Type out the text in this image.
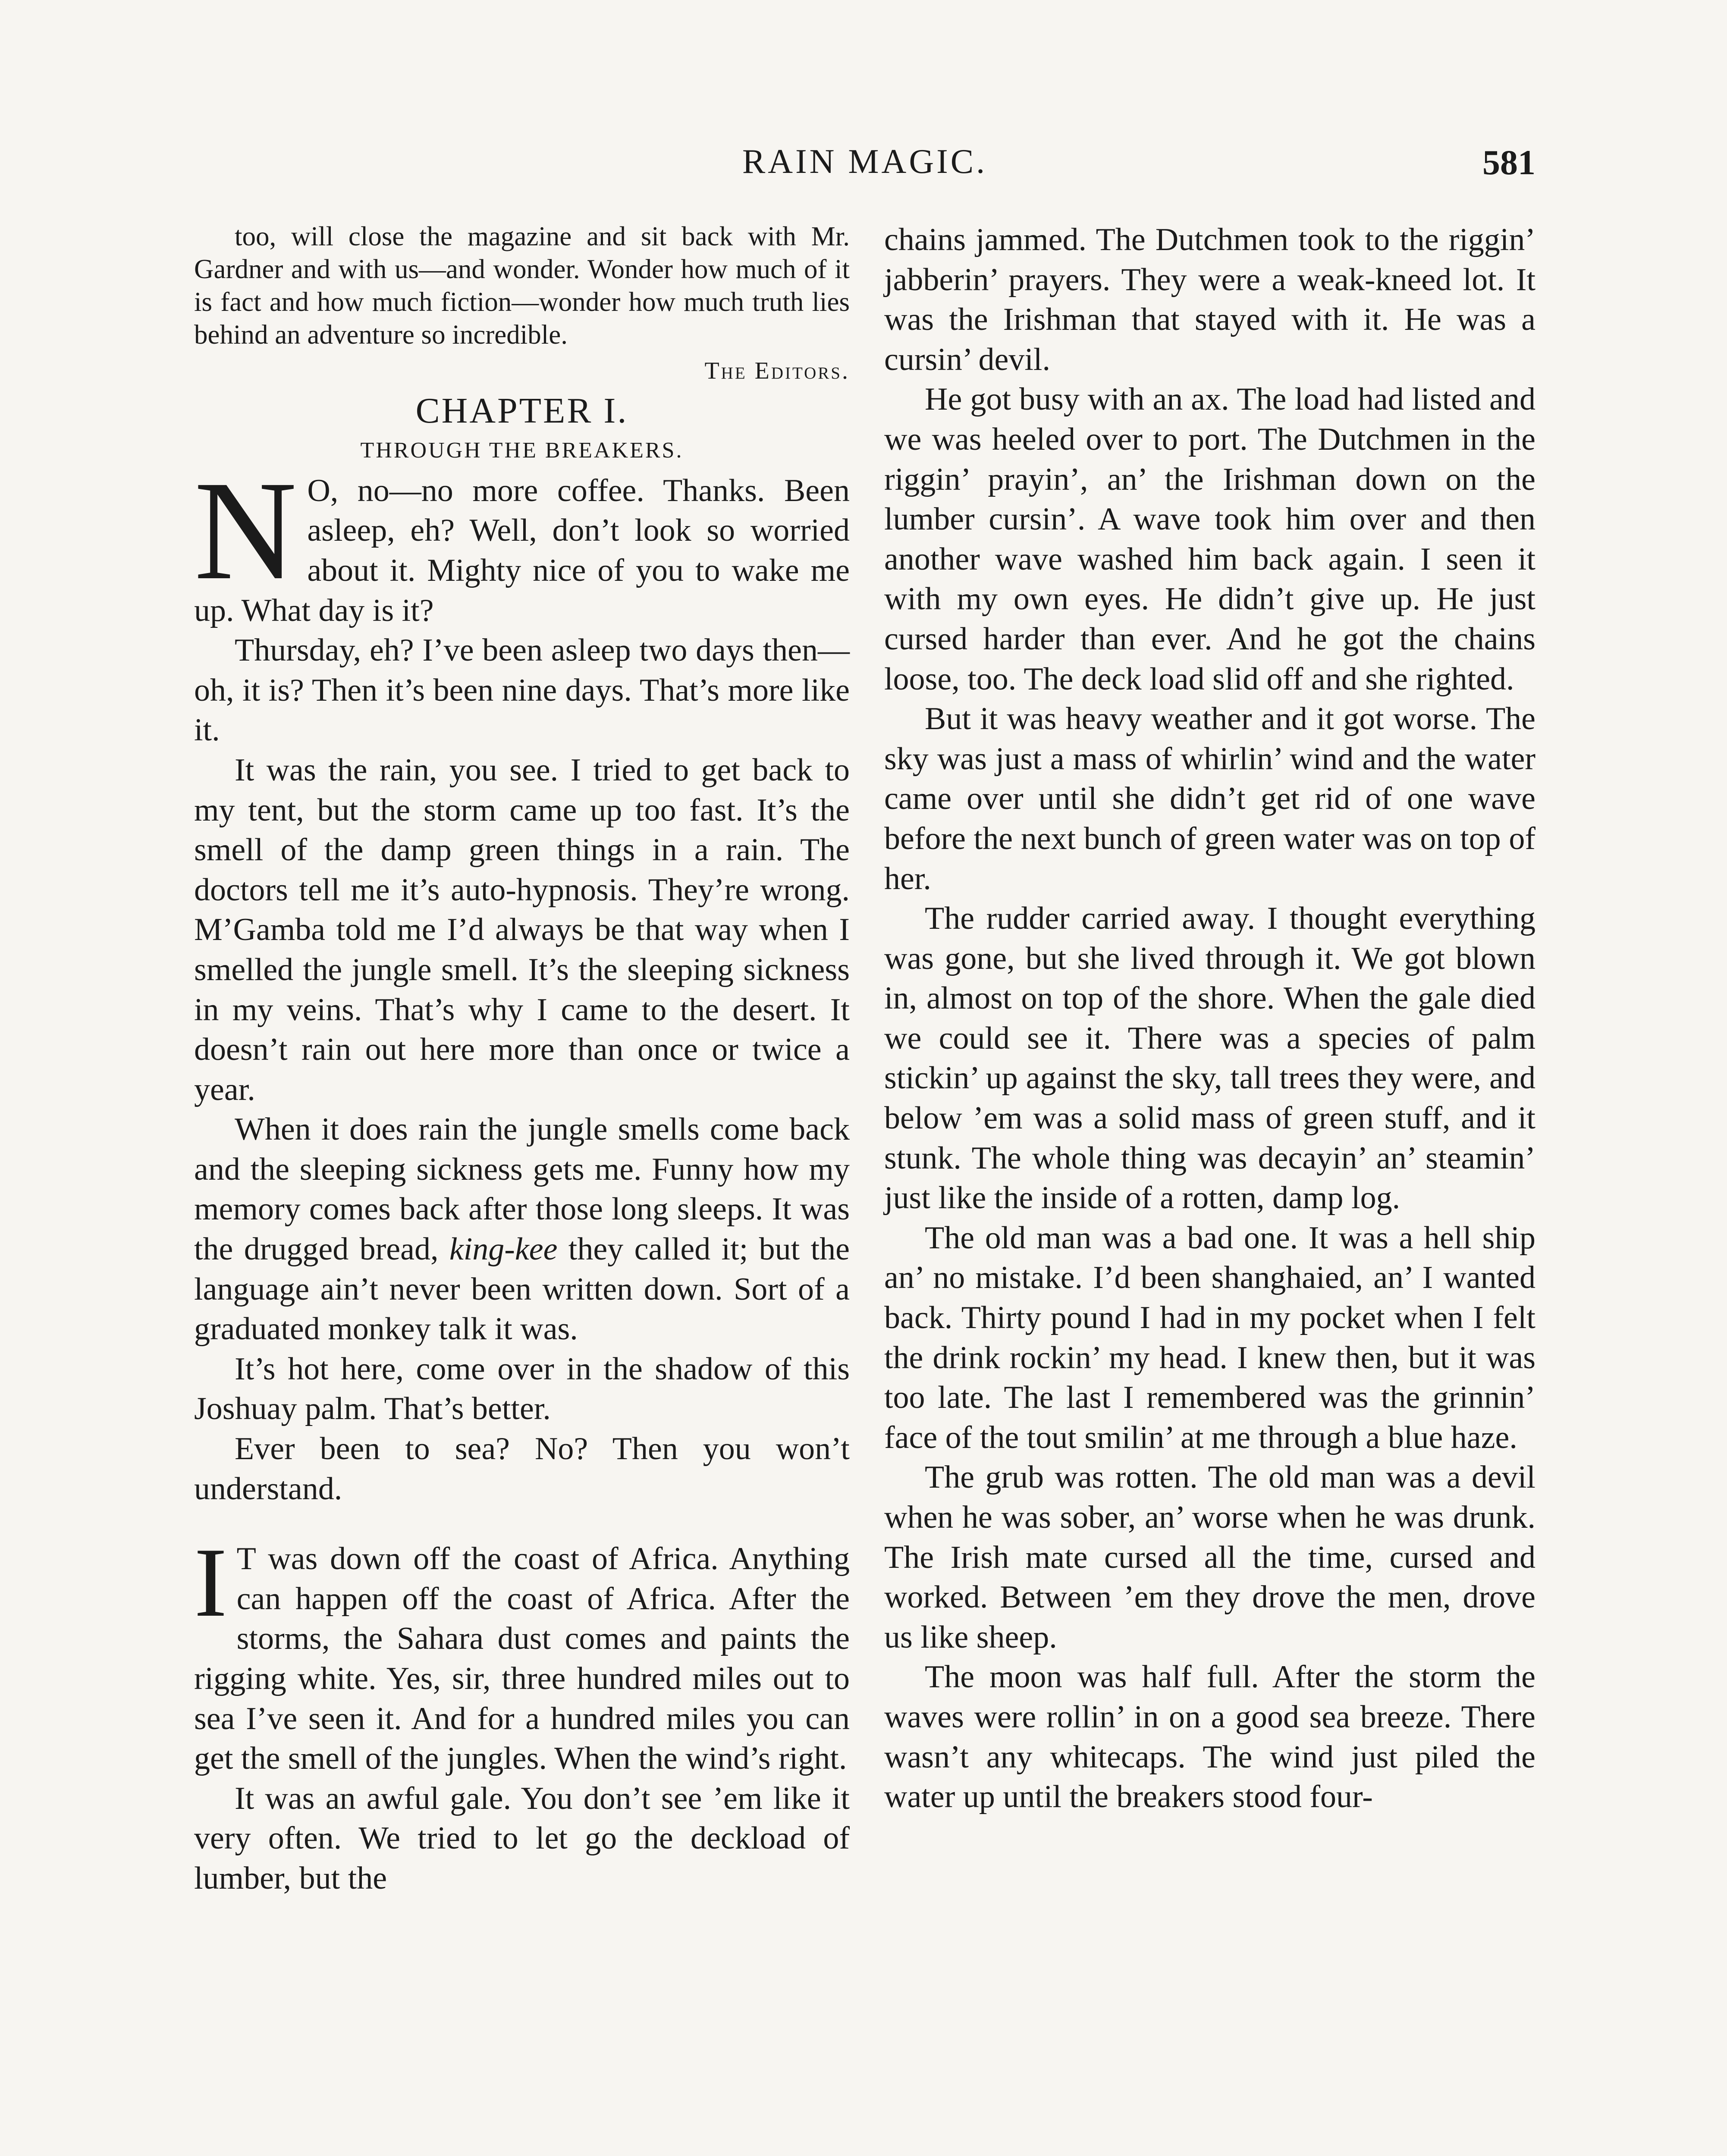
RAIN MAGIC.	581

too, will close the magazine and sit back with Mr. Gardner and with us—and wonder. Wonder how much of it is fact and how much fiction—wonder how much truth lies behind an adventure so incredible.

The Editors.

CHAPTER I.

THROUGH THE BREAKERS.

N O, no—no more coffee. Thanks. Been asleep, eh? Well, don’t look so worried about it. Mighty nice of you to wake me up. What day is it?

Thursday, eh? I’ve been asleep two days then—oh, it is? Then it’s been nine days. That’s more like it.

It was the rain, you see. I tried to get back to my tent, but the storm came up too fast. It’s the smell of the damp green things in a rain. The doctors tell me it’s auto-hypnosis. They’re wrong. M’Gamba told me I’d always be that way when I smelled the jungle smell. It’s the sleeping sickness in my veins. That’s why I came to the desert. It doesn’t rain out here more than once or twice a year.

When it does rain the jungle smells come back and the sleeping sickness gets me. Funny how my memory comes back after those long sleeps. It was the drugged bread, king-kee they called it; but the language ain’t never been written down. Sort of a graduated monkey talk it was.

It’s hot here, come over in the shadow of this Joshuay palm. That’s better.

Ever been to sea? No? Then you won’t understand.

I T was down off the coast of Africa. Anything can happen off the coast of Africa. After the storms, the Sahara dust comes and paints the rigging white. Yes, sir, three hundred miles out to sea I’ve seen it. And for a hundred miles you can get the smell of the jungles. When the wind’s right.

It was an awful gale. You don’t see ’em like it very often. We tried to let go the deckload of lumber, but the

chains jammed. The Dutchmen took to the riggin’ jabberin’ prayers. They were a weak-kneed lot. It was the Irishman that stayed with it. He was a cursin’ devil.

He got busy with an ax. The load had listed and we was heeled over to port. The Dutchmen in the riggin’ prayin’, an’ the Irishman down on the lumber cursin’. A wave took him over and then another wave washed him back again. I seen it with my own eyes. He didn’t give up. He just cursed harder than ever. And he got the chains loose, too. The deck load slid off and she righted.

But it was heavy weather and it got worse. The sky was just a mass of whirlin’ wind and the water came over until she didn’t get rid of one wave before the next bunch of green water was on top of her.

The rudder carried away. I thought everything was gone, but she lived through it. We got blown in, almost on top of the shore. When the gale died we could see it. There was a species of palm stickin’ up against the sky, tall trees they were, and below ’em was a solid mass of green stuff, and it stunk. The whole thing was decayin’ an’ steamin’ just like the inside of a rotten, damp log.

The old man was a bad one. It was a hell ship an’ no mistake. I’d been shanghaied, an’ I wanted back. Thirty pound I had in my pocket when I felt the drink rockin’ my head. I knew then, but it was too late. The last I remembered was the grinnin’ face of the tout smilin’ at me through a blue haze.

The grub was rotten. The old man was a devil when he was sober, an’ worse when he was drunk. The Irish mate cursed all the time, cursed and worked. Between ’em they drove the men, drove us like sheep.

The moon was half full. After the storm the waves were rollin’ in on a good sea breeze. There wasn’t any whitecaps. The wind just piled the water up until the breakers stood four-
